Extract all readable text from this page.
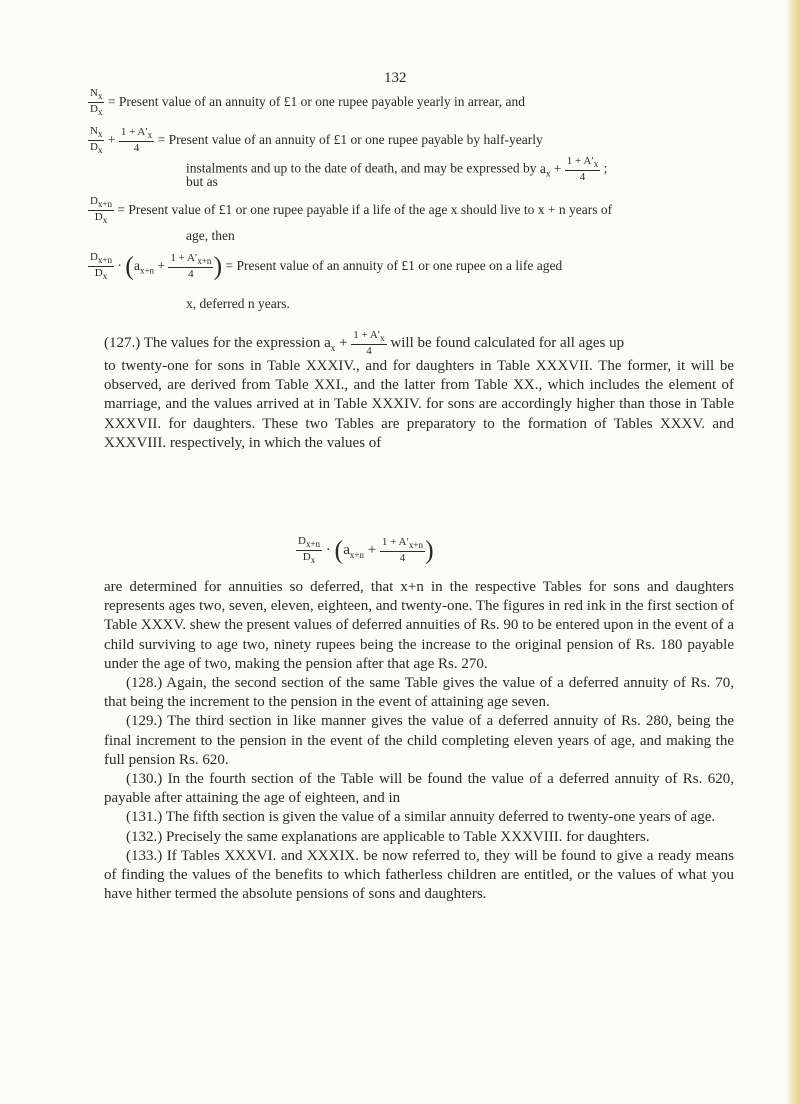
132
$\frac{N_x}{D_x}$ = Present value of an annuity of £1 or one rupee payable yearly in arrear, and
$\frac{N_x}{D_x} + \frac{1 + A'_x}{4}$ = Present value of an annuity of £1 or one rupee payable by half-yearly
instalments and up to the date of death, and may be expressed by $a_x + \frac{1 + A'_x}{4}$ ;
but as
$\frac{D_{x+n}}{D_x}$ = Present value of £1 or one rupee payable if a life of the age x should live to x + n years of
age, then
$\frac{D_{x+n}}{D_x} \cdot (a_{x+n} + \frac{1 + A'_{x+n}}{4}$ ) = Present value of an annuity of £1 or one rupee on a life aged
x, deferred n years.
(127.) The values for the expression $a_x + \frac{1 + A'_x}{4}$ will be found calculated for all ages up

to twenty-one for sons in Table XXXIV., and for daughters in Table XXXVII. The former, it will be observed, are derived from Table XXI., and the latter from Table XX., which includes the element of marriage, and the values arrived at in Table XXXIV. for sons are accordingly higher than those in Table XXXVII. for daughters. These two Tables are preparatory to the formation of Tables XXXV. and XXXVIII. respectively, in which the values of

$\frac{D_{x+n}}{D_x} \cdot (a_{x+n} + \frac{1 + A'_{x+n}}{4}$ )

are determined for annuities so deferred, that x+n in the respective Tables for sons and daughters represents ages two, seven, eleven, eighteen, and twenty-one. The figures in red ink in the first section of Table XXXV. shew the present values of deferred annuities of Rs. 90 to be entered upon in the event of a child surviving to age two, ninety rupees being the increase to the original pension of Rs. 180 payable under the age of two, making the pension after that age Rs. 270.

(128.) Again, the second section of the same Table gives the value of a deferred annuity of Rs. 70, that being the increment to the pension in the event of attaining age seven.

(129.) The third section in like manner gives the value of a deferred annuity of Rs. 280, being the final increment to the pension in the event of the child completing eleven years of age, and making the full pension Rs. 620.

(130.) In the fourth section of the Table will be found the value of a deferred annuity of Rs. 620, payable after attaining the age of eighteen, and in

(131.) The fifth section is given the value of a similar annuity deferred to twenty-one years of age.

(132.) Precisely the same explanations are applicable to Table XXXVIII. for daughters.

(133.) If Tables XXXVI. and XXXIX. be now referred to, they will be found to give a ready means of finding the values of the benefits to which fatherless children are entitled, or the values of what you have hither termed the absolute pensions of sons and daughters.
